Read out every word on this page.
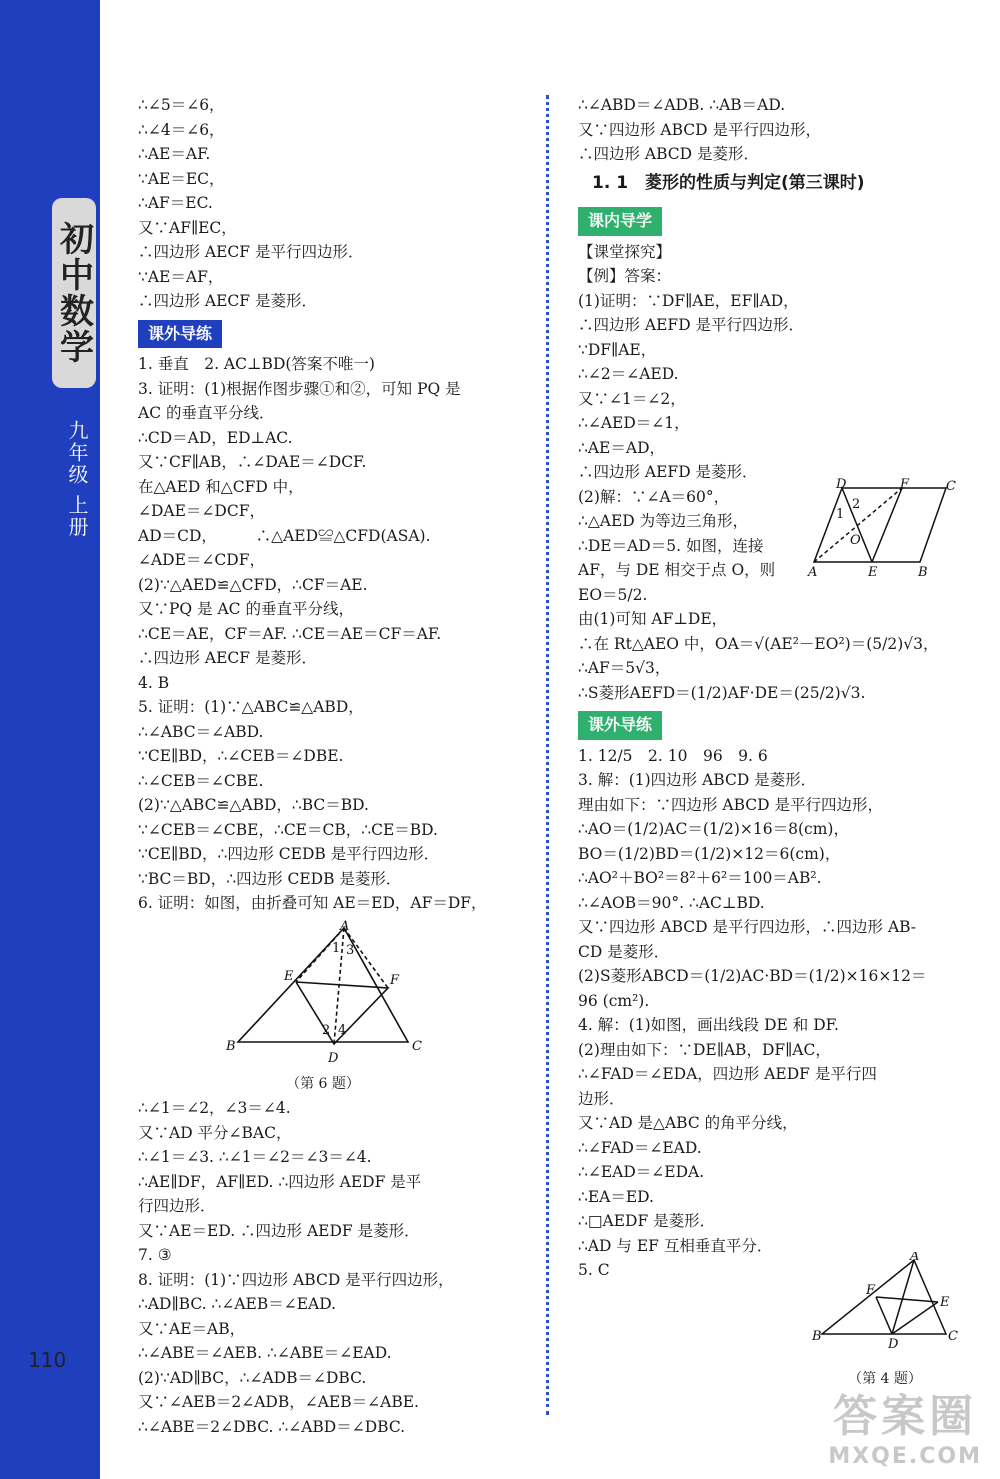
初中数学
九年级 上册
110
∴∠5＝∠6，
∴∠4＝∠6，
∴AE＝AF.
∵AE＝EC，
∴AF＝EC.
又∵AF∥EC，
∴四边形 AECF 是平行四边形．
∵AE＝AF，
∴四边形 AECF 是菱形．
课外导练
1. 垂直　2. AC⊥BD(答案不唯一)
3. 证明：(1)根据作图步骤①和②，可知 PQ 是
AC 的垂直平分线．
∴CD＝AD，ED⊥AC.
又∵CF∥AB，∴∠DAE＝∠DCF.
在△AED 和△CFD 中，
∠DAE＝∠DCF，
AD＝CD，　　　∴△AED≌△CFD(ASA).
∠ADE＝∠CDF，
(2)∵△AED≌△CFD，∴CF＝AE.
又∵PQ 是 AC 的垂直平分线，
∴CE＝AE，CF＝AF. ∴CE＝AE＝CF＝AF.
∴四边形 AECF 是菱形．
4. B
5. 证明：(1)∵△ABC≌△ABD，
∴∠ABC＝∠ABD.
∵CE∥BD，∴∠CEB＝∠DBE.
∴∠CEB＝∠CBE.
(2)∵△ABC≌△ABD，∴BC＝BD.
∵∠CEB＝∠CBE，∴CE＝CB，∴CE＝BD.
∵CE∥BD，∴四边形 CEDB 是平行四边形．
∵BC＝BD，∴四边形 CEDB 是菱形．
6. 证明：如图，由折叠可知 AE＝ED，AF＝DF，
A
E	F
B	C
D
1 3
2 4
（第 6 题）
∴∠1＝∠2，∠3＝∠4.
又∵AD 平分∠BAC，
∴∠1＝∠3. ∴∠1＝∠2＝∠3＝∠4.
∴AE∥DF，AF∥ED. ∴四边形 AEDF 是平
行四边形．
又∵AE＝ED. ∴四边形 AEDF 是菱形．
7. ③
8. 证明：(1)∵四边形 ABCD 是平行四边形，
∴AD∥BC. ∴∠AEB＝∠EAD.
又∵AE＝AB，
∴∠ABE＝∠AEB. ∴∠ABE＝∠EAD.
(2)∵AD∥BC，∴∠ADB＝∠DBC.
又∵∠AEB＝2∠ADB，∠AEB＝∠ABE.
∴∠ABE＝2∠DBC. ∴∠ABD＝∠DBC.
∴∠ABD＝∠ADB. ∴AB＝AD.
又∵四边形 ABCD 是平行四边形，
∴四边形 ABCD 是菱形．
1. 1　菱形的性质与判定(第三课时)
课内导学
【课堂探究】
【例】答案：
(1)证明：∵DF∥AE，EF∥AD，
∴四边形 AEFD 是平行四边形．
∵DF∥AE，
∴∠2＝∠AED.
又∵∠1＝∠2，
∴∠AED＝∠1，
∴AE＝AD，
∴四边形 AEFD 是菱形．
(2)解：∵∠A＝60°，
∴△AED 为等边三角形，
∴DE＝AD＝5. 如图，连接
AF，与 DE 相交于点 O，则
EO＝5/2.
由(1)可知 AF⊥DE，
∴在 Rt△AEO 中，OA＝√(AE²－EO²)＝(5/2)√3，
∴AF＝5√3，
∴S菱形AEFD＝(1/2)AF·DE＝(25/2)√3.
课外导练
1. 12/5　2. 10　96　9. 6
3. 解：(1)四边形 ABCD 是菱形．
理由如下：∵四边形 ABCD 是平行四边形，
∴AO＝(1/2)AC＝(1/2)×16＝8(cm)，
BO＝(1/2)BD＝(1/2)×12＝6(cm)，
∴AO²＋BO²＝8²＋6²＝100＝AB².
∴∠AOB＝90°. ∴AC⊥BD.
又∵四边形 ABCD 是平行四边形，∴四边形 AB-
CD 是菱形．
(2)S菱形ABCD＝(1/2)AC·BD＝(1/2)×16×12＝
96 (cm²).
4. 解：(1)如图，画出线段 DE 和 DF.
(2)理由如下：∵DE∥AB，DF∥AC，
∴∠FAD＝∠EDA，四边形 AEDF 是平行四
边形．
又∵AD 是△ABC 的角平分线，
∴∠FAD＝∠EAD.
∴∠EAD＝∠EDA.
∴EA＝ED.
∴□AEDF 是菱形．
∴AD 与 EF 互相垂直平分．
5. C
D	F	C
1
2
O
A	E	B
A
F
E
B
D
C
（第 4 题）
答案圈
MXQE.COM
